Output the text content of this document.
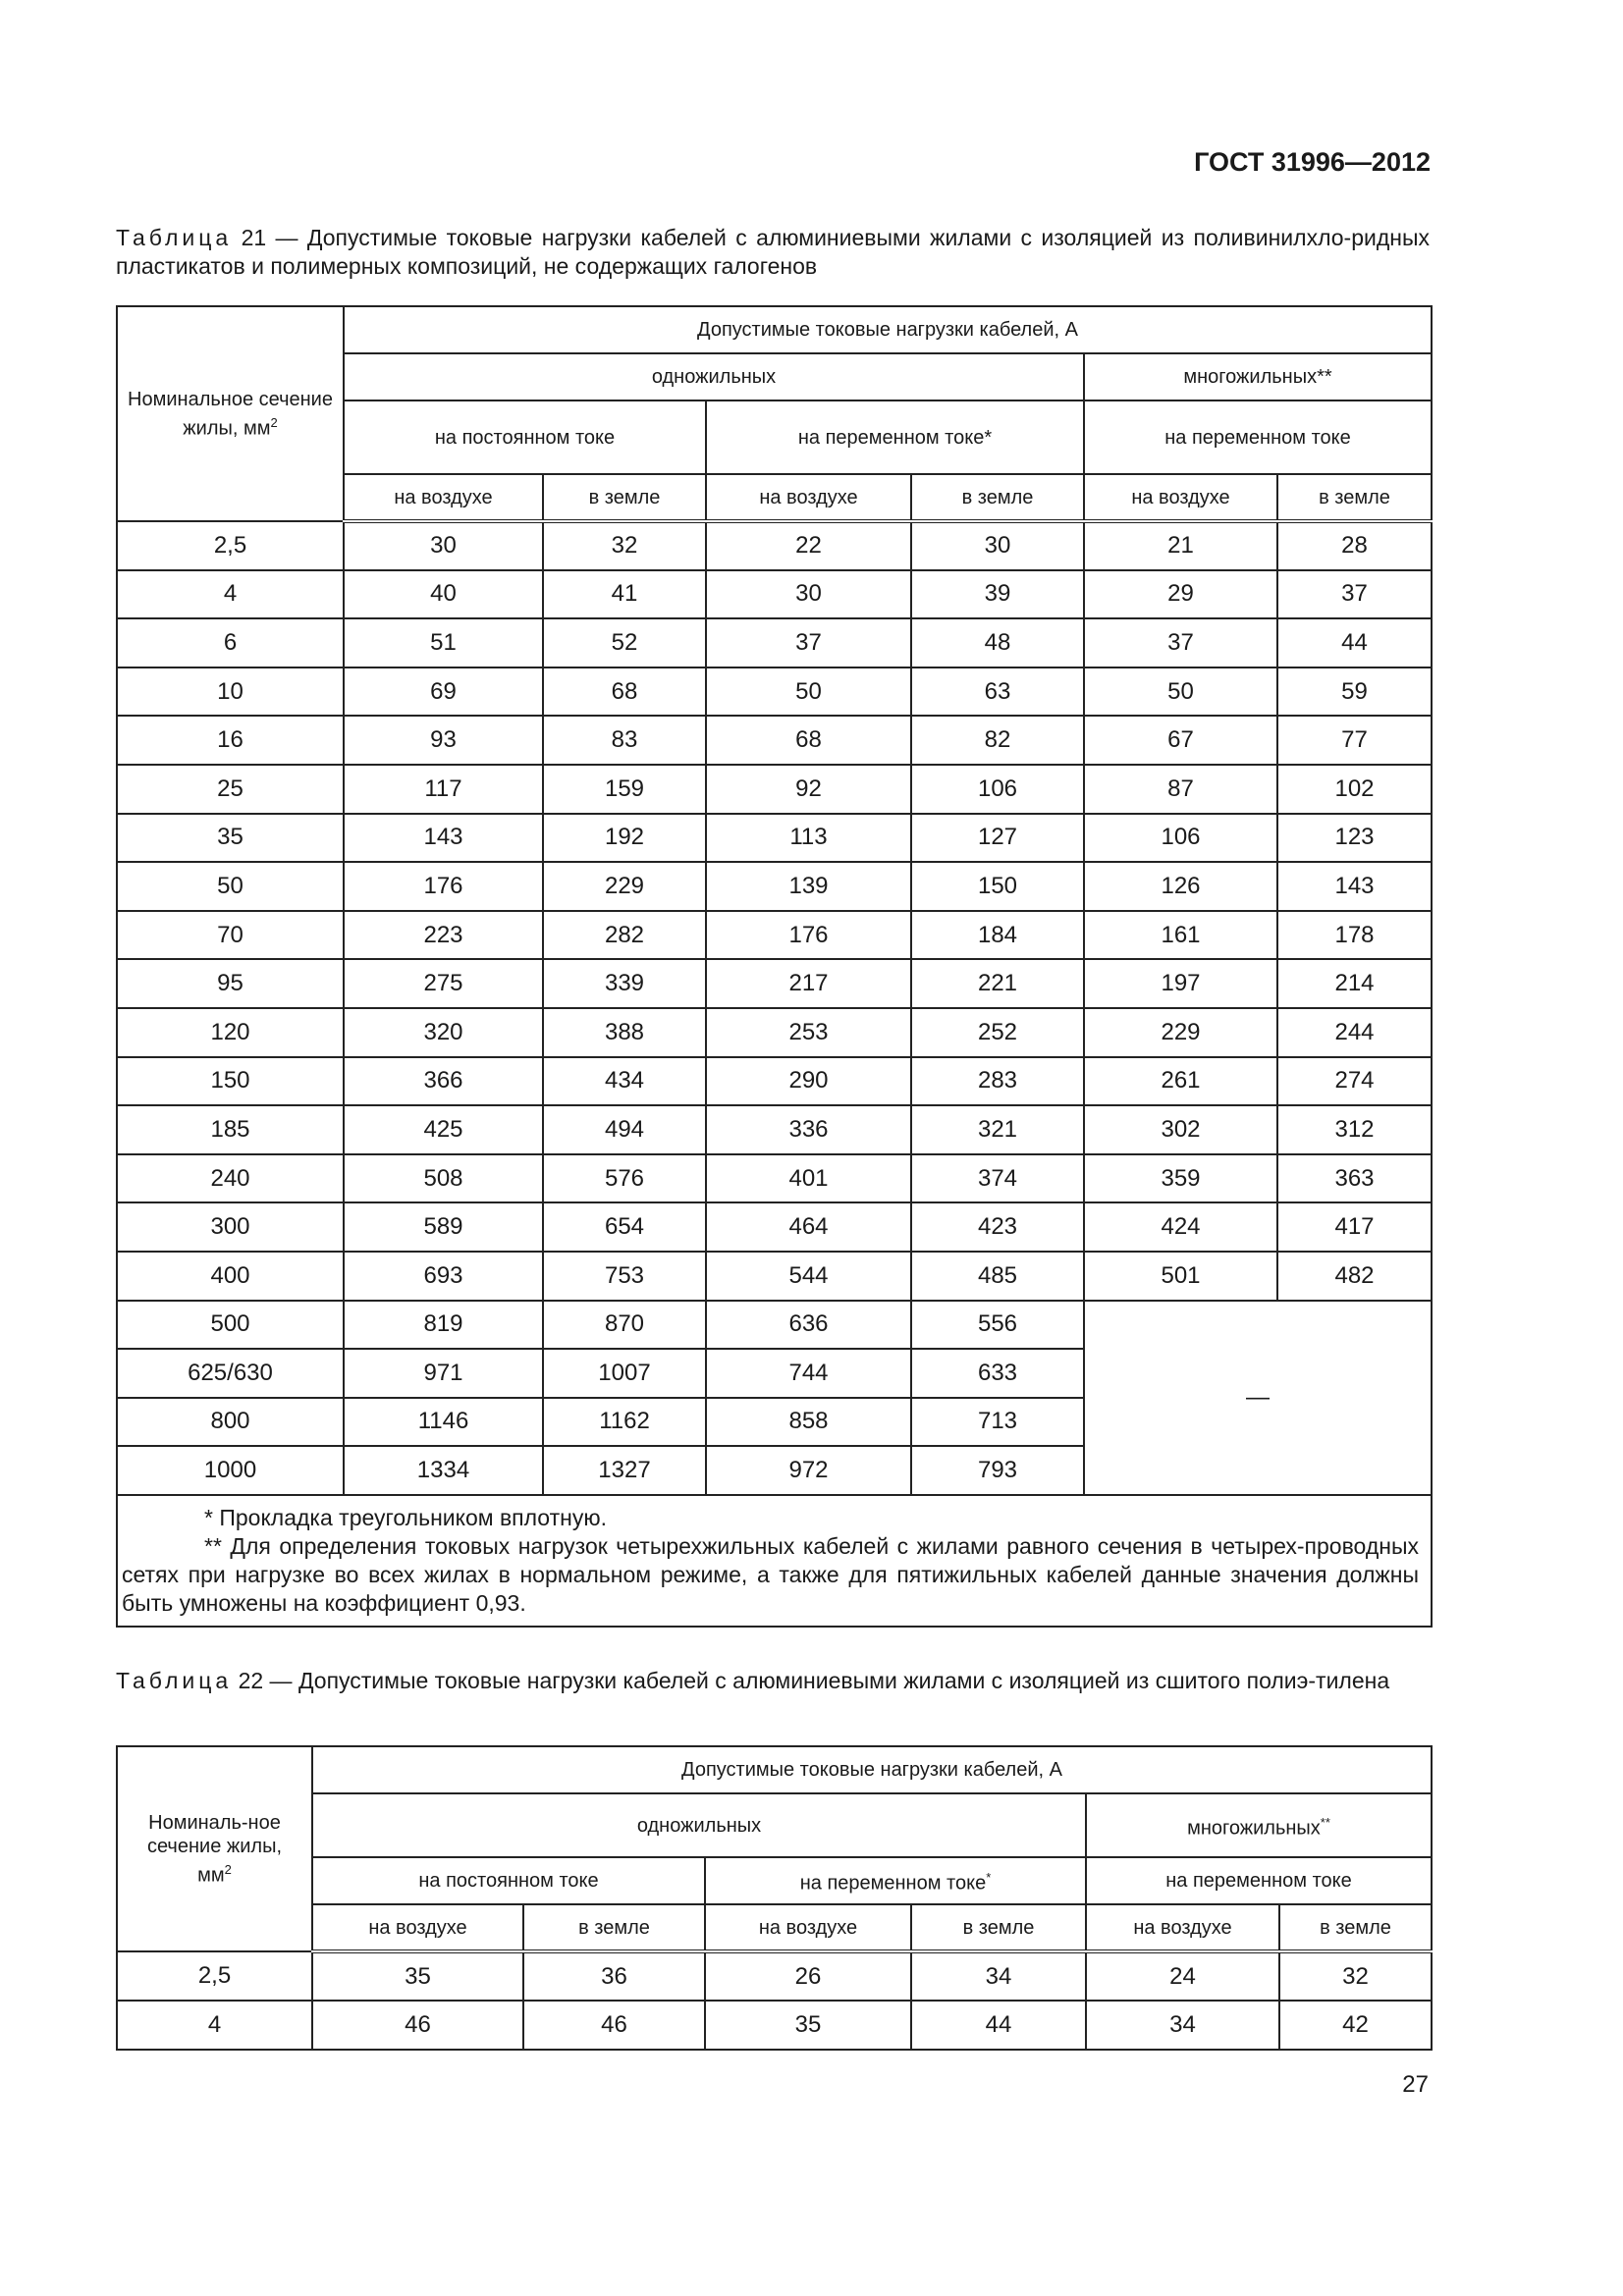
ГОСТ 31996—2012
Таблица 21 — Допустимые токовые нагрузки кабелей с алюминиевыми жилами с изоляцией из поливинилхло-ридных пластикатов и полимерных композиций, не содержащих галогенов
Номинальное сечение жилы, $мм^2$	Допустимые токовые нагрузки кабелей, А					
	одножильных				многожильных**	
	на постоянном токе		на переменном токе*		на переменном токе	
	на воздухе	в земле	на воздухе	в земле	на воздухе	в земле
2,5	30	32	22	30	21	28
4	40	41	30	39	29	37
6	51	52	37	48	37	44
10	69	68	50	63	50	59
16	93	83	68	82	67	77
25	117	159	92	106	87	102
35	143	192	113	127	106	123
50	176	229	139	150	126	143
70	223	282	176	184	161	178
95	275	339	217	221	197	214
120	320	388	253	252	229	244
150	366	434	290	283	261	274
185	425	494	336	321	302	312
240	508	576	401	374	359	363
300	589	654	464	423	424	417
400	693	753	544	485	501	482
500	819	870	636	556	—	
625/630	971	1007	744	633		
800	1146	1162	858	713		
1000	1334	1327	972	793		

* Прокладка треугольником вплотную.
** Для определения токовых нагрузок четырехжильных кабелей с жилами равного сечения в четырех-проводных сетях при нагрузке во всех жилах в нормальном режиме, а также для пятижильных кабелей данные значения должны быть умножены на коэффициент 0,93.						
Таблица 22 — Допустимые токовые нагрузки кабелей с алюминиевыми жилами с изоляцией из сшитого полиэ-тилена
Номиналь-ное сечение жилы, $мм^2$	Допустимые токовые нагрузки кабелей, А					
	одножильных				многожильных**
	на постоянном токе		на переменном токе*		на переменном токе	
	на воздухе	в земле	на воздухе	в земле	на воздухе	в земле
2,5	35	36	26	34	24	32
4	46	46	35	44	34	42
27
